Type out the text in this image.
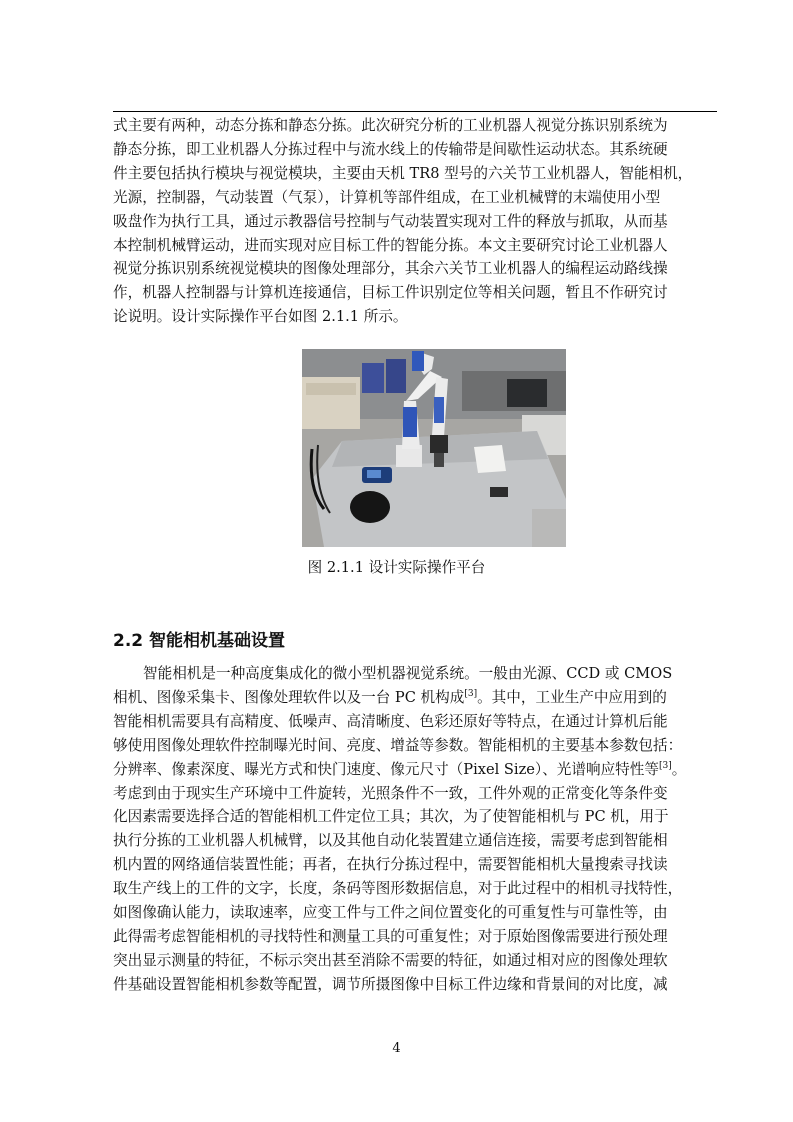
式主要有两种，动态分拣和静态分拣。此次研究分析的工业机器人视觉分拣识别系统为
静态分拣，即工业机器人分拣过程中与流水线上的传输带是间歇性运动状态。其系统硬
件主要包括执行模块与视觉模块，主要由天机 TR8 型号的六关节工业机器人，智能相机，
光源，控制器，气动装置（气泵），计算机等部件组成，在工业机械臂的末端使用小型
吸盘作为执行工具，通过示教器信号控制与气动装置实现对工件的释放与抓取，从而基
本控制机械臂运动，进而实现对应目标工件的智能分拣。本文主要研究讨论工业机器人
视觉分拣识别系统视觉模块的图像处理部分，其余六关节工业机器人的编程运动路线操
作，机器人控制器与计算机连接通信，目标工件识别定位等相关问题，暂且不作研究讨
论说明。设计实际操作平台如图 2.1.1 所示。
图 2.1.1 设计实际操作平台
2.2 智能相机基础设置
智能相机是一种高度集成化的微小型机器视觉系统。一般由光源、CCD 或 CMOS
相机、图像采集卡、图像处理软件以及一台 PC 机构成[3]。其中，工业生产中应用到的
智能相机需要具有高精度、低噪声、高清晰度、色彩还原好等特点，在通过计算机后能
够使用图像处理软件控制曝光时间、亮度、增益等参数。智能相机的主要基本参数包括：
分辨率、像素深度、曝光方式和快门速度、像元尺寸（Pixel Size）、光谱响应特性等[3]。
考虑到由于现实生产环境中工件旋转，光照条件不一致，工件外观的正常变化等条件变
化因素需要选择合适的智能相机工件定位工具；其次，为了使智能相机与 PC 机，用于
执行分拣的工业机器人机械臂，以及其他自动化装置建立通信连接，需要考虑到智能相
机内置的网络通信装置性能；再者，在执行分拣过程中，需要智能相机大量搜索寻找读
取生产线上的工件的文字，长度，条码等图形数据信息，对于此过程中的相机寻找特性，
如图像确认能力，读取速率，应变工件与工件之间位置变化的可重复性与可靠性等，由
此得需考虑智能相机的寻找特性和测量工具的可重复性；对于原始图像需要进行预处理
突出显示测量的特征，不标示突出甚至消除不需要的特征，如通过相对应的图像处理软
件基础设置智能相机参数等配置，调节所摄图像中目标工件边缘和背景间的对比度，减
4
